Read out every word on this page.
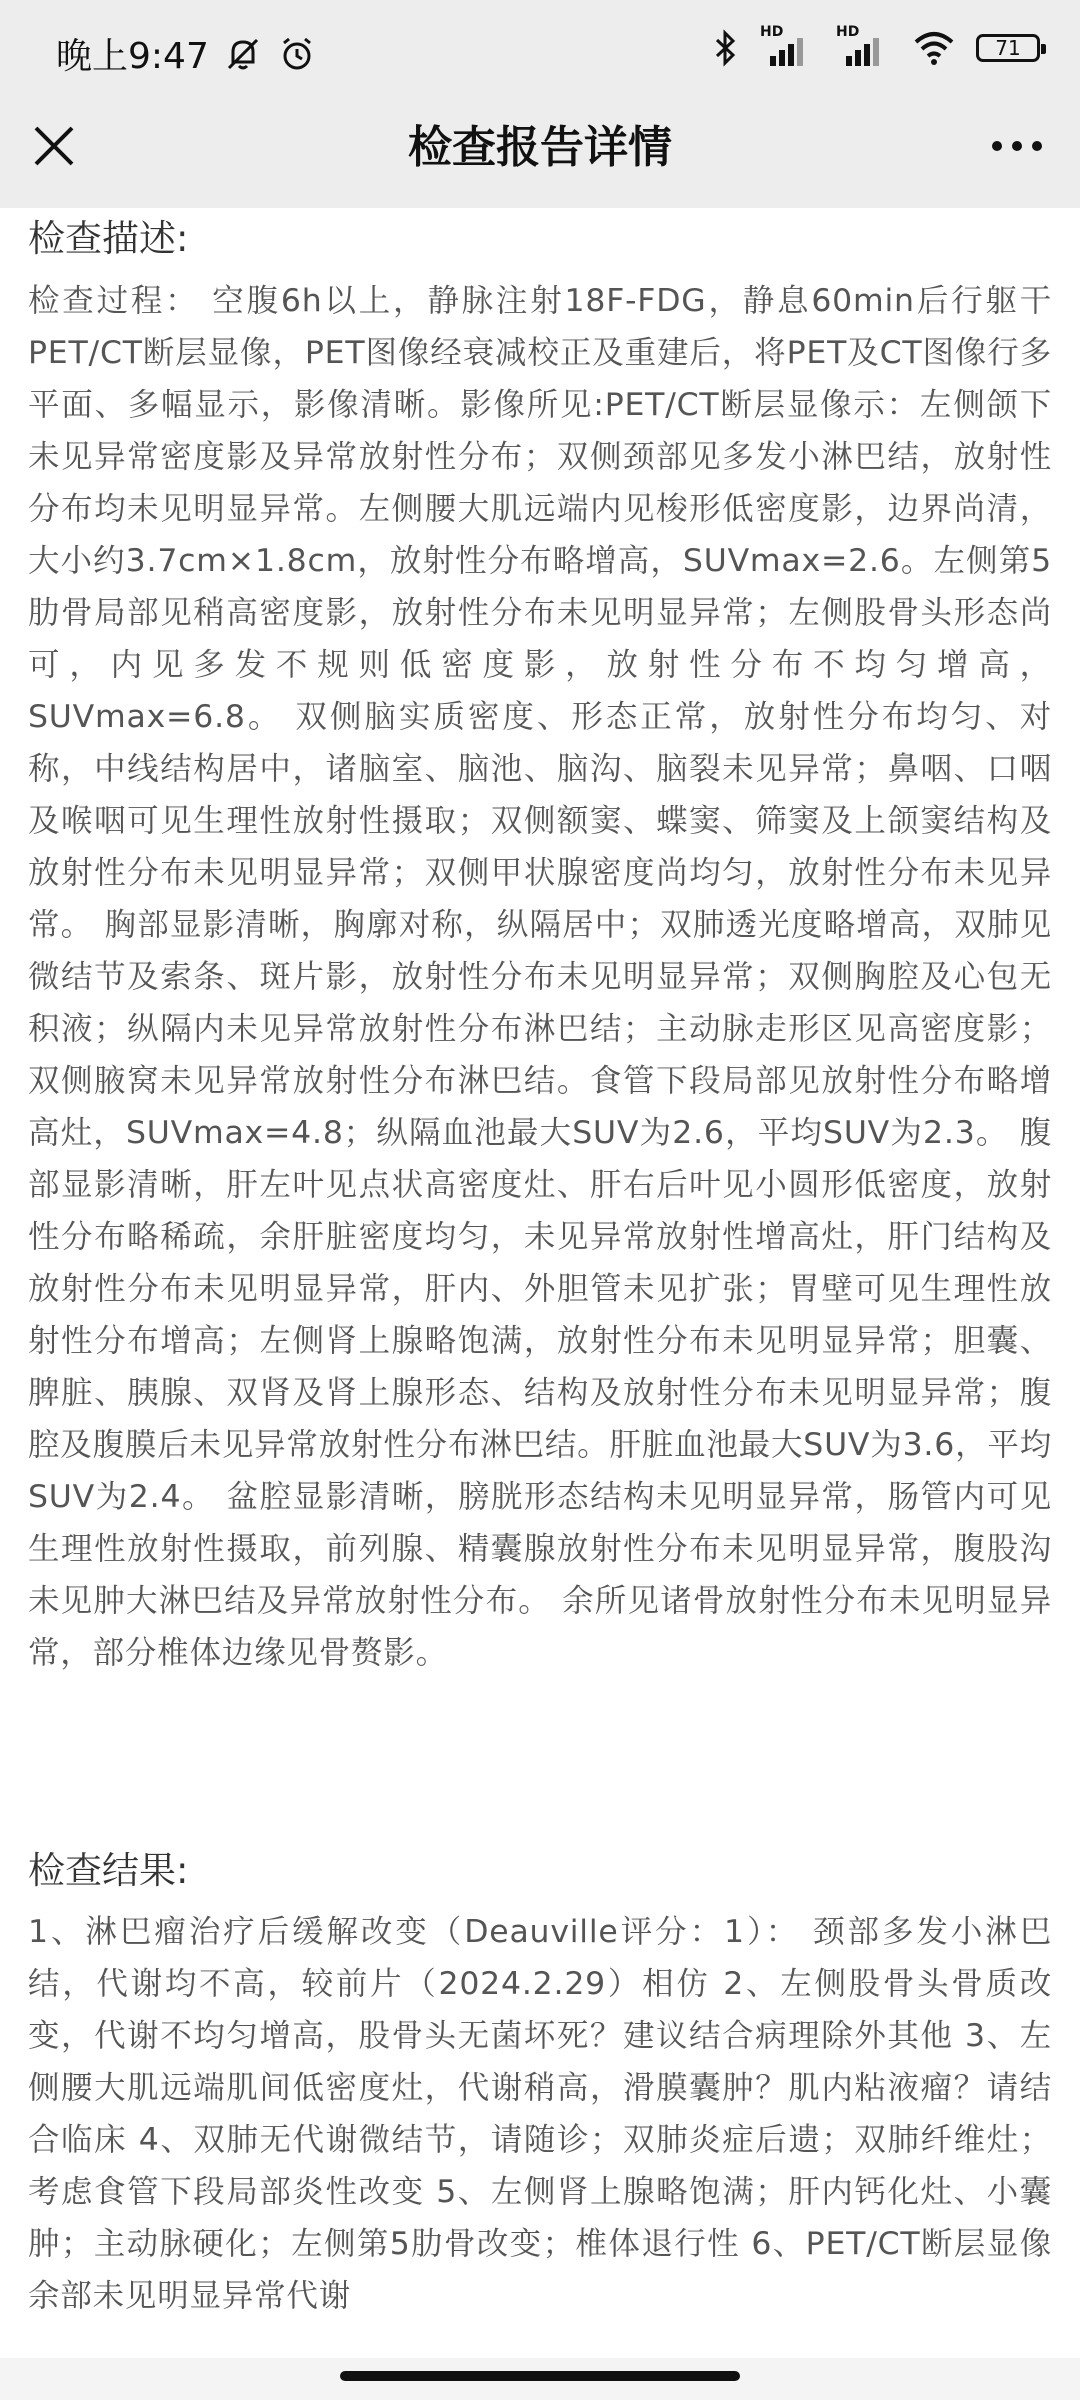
晚上9:47
HD	HD
71
检查报告详情
检查描述:
检查过程： 空腹6h以上，静脉注射18F-FDG，静息60min后行躯干PET/CT断层显像，PET图像经衰减校正及重建后，将PET及CT图像行多平面、多幅显示，影像清晰。影像所见:PET/CT断层显像示：左侧颌下未见异常密度影及异常放射性分布；双侧颈部见多发小淋巴结，放射性分布均未见明显异常。左侧腰大肌远端内见梭形低密度影，边界尚清，大小约3.7cm×1.8cm，放射性分布略增高，SUVmax=2.6。左侧第5肋骨局部见稍高密度影，放射性分布未见明显异常；左侧股骨头形态尚可，内见多发不规则低密度影，放射性分布不均匀增高，SUVmax=6.8。 双侧脑实质密度、形态正常，放射性分布均匀、对称，中线结构居中，诸脑室、脑池、脑沟、脑裂未见异常；鼻咽、口咽及喉咽可见生理性放射性摄取；双侧额窦、蝶窦、筛窦及上颌窦结构及放射性分布未见明显异常；双侧甲状腺密度尚均匀，放射性分布未见异常。 胸部显影清晰，胸廓对称，纵隔居中；双肺透光度略增高，双肺见微结节及索条、斑片影，放射性分布未见明显异常；双侧胸腔及心包无积液；纵隔内未见异常放射性分布淋巴结；主动脉走形区见高密度影；双侧腋窝未见异常放射性分布淋巴结。食管下段局部见放射性分布略增高灶，SUVmax=4.8；纵隔血池最大SUV为2.6，平均SUV为2.3。 腹部显影清晰，肝左叶见点状高密度灶、肝右后叶见小圆形低密度，放射性分布略稀疏，余肝脏密度均匀，未见异常放射性增高灶，肝门结构及放射性分布未见明显异常，肝内、外胆管未见扩张；胃壁可见生理性放射性分布增高；左侧肾上腺略饱满，放射性分布未见明显异常；胆囊、脾脏、胰腺、双肾及肾上腺形态、结构及放射性分布未见明显异常；腹腔及腹膜后未见异常放射性分布淋巴结。肝脏血池最大SUV为3.6，平均SUV为2.4。 盆腔显影清晰，膀胱形态结构未见明显异常，肠管内可见生理性放射性摄取，前列腺、精囊腺放射性分布未见明显异常，腹股沟未见肿大淋巴结及异常放射性分布。 余所见诸骨放射性分布未见明显异常，部分椎体边缘见骨赘影。
检查结果:
1、淋巴瘤治疗后缓解改变（Deauville评分：1）： 颈部多发小淋巴结，代谢均不高，较前片（2024.2.29）相仿 2、左侧股骨头骨质改变，代谢不均匀增高，股骨头无菌坏死？建议结合病理除外其他 3、左侧腰大肌远端肌间低密度灶，代谢稍高，滑膜囊肿？肌内粘液瘤？请结合临床 4、双肺无代谢微结节，请随诊；双肺炎症后遗；双肺纤维灶；考虑食管下段局部炎性改变 5、左侧肾上腺略饱满；肝内钙化灶、小囊肿；主动脉硬化；左侧第5肋骨改变；椎体退行性 6、PET/CT断层显像余部未见明显异常代谢
